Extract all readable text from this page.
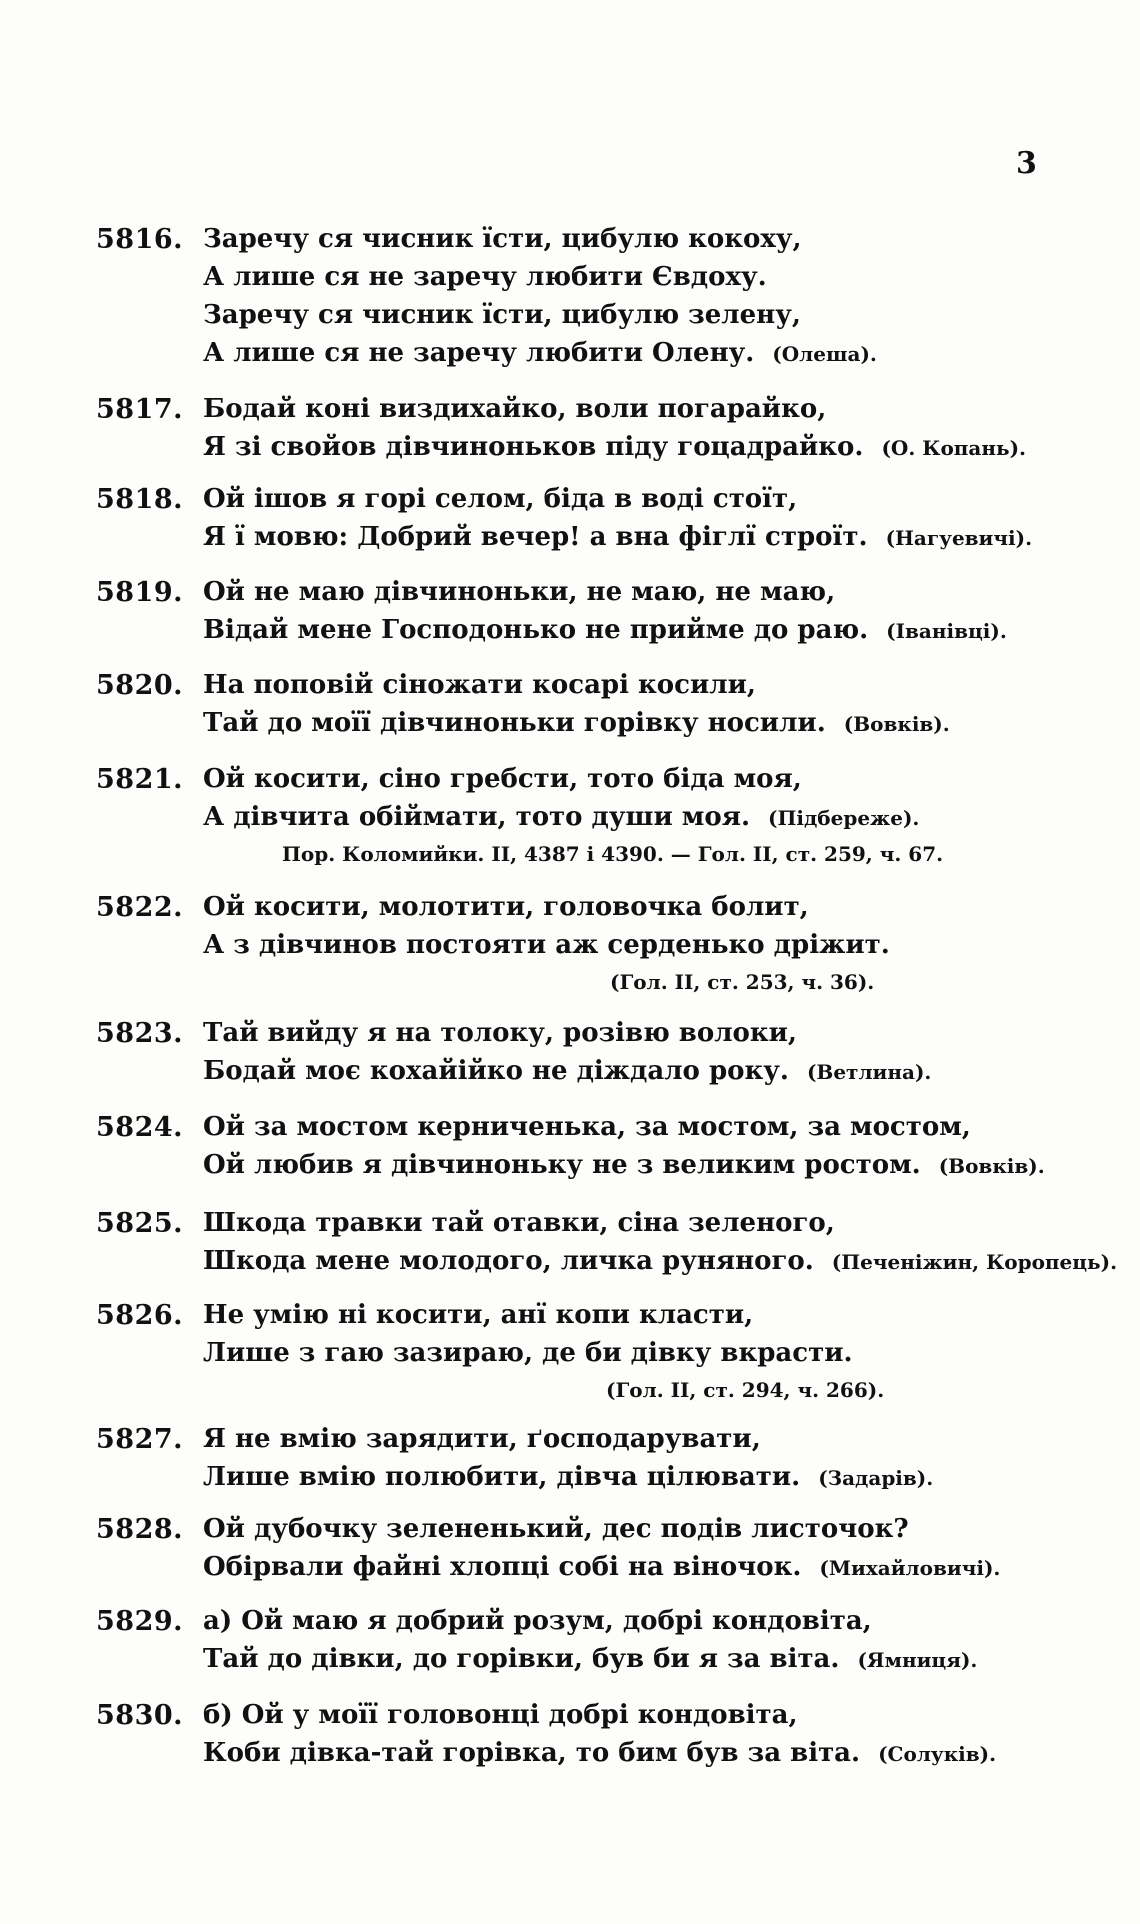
3
5816. Заречу ся чисник їсти, цибулю кокоху,
А лише ся не заречу любити Євдоху.
Заречу ся чисник їсти, цибулю зелену,
А лише ся не заречу любити Олену. (Олеша).
5817. Бодай коні виздихайко, воли погарайко,
Я зі свойов дівчиноньков піду гоцадрайко. (О. Копань).
5818. Ой ішов я горі селом, біда в воді стоїт,
Я ї мовю: Добрий вечер! а вна фіглї строїт. (Нагуевичі).
5819. Ой не маю дівчиноньки, не маю, не маю,
Відай мене Господонько не прийме до раю. (Іванівці).
5820. На поповій сіножати косарі косили,
Тай до моїї дівчиноньки горівку носили. (Вовків).
5821. Ой косити, сіно гребсти, тото біда моя,
А дівчита обіймати, тото души моя. (Підбереже).
Пор. Коломийки. II, 4387 і 4390. — Гол. II, ст. 259, ч. 67.
5822. Ой косити, молотити, головочка болит,
А з дівчинов постояти аж серденько дріжит.
(Гол. II, ст. 253, ч. 36).
5823. Тай вийду я на толоку, розівю волоки,
Бодай моє кохайійко не діждало року. (Ветлина).
5824. Ой за мостом керниченька, за мостом, за мостом,
Ой любив я дівчиноньку не з великим ростом. (Вовків).
5825. Шкода травки тай отавки, сіна зеленого,
Шкода мене молодого, личка руняного. (Печеніжин, Коропець).
5826. Не умію ні косити, анї копи класти,
Лише з гаю зазираю, де би дівку вкрасти.
(Гол. II, ст. 294, ч. 266).
5827. Я не вмію зарядити, ґосподарувати,
Лише вмію полюбити, дівча цілювати. (Задарів).
5828. Ой дубочку зелененький, дес подів листочок?
Обірвали файні хлопці собі на віночок. (Михайловичі).
5829. а) Ой маю я добрий розум, добрі кондовіта,
Тай до дівки, до горівки, був би я за віта. (Ямниця).
5830. б) Ой у моїї головонці добрі кондовіта,
Коби дівка-тай горівка, то бим був за віта. (Солуків).
